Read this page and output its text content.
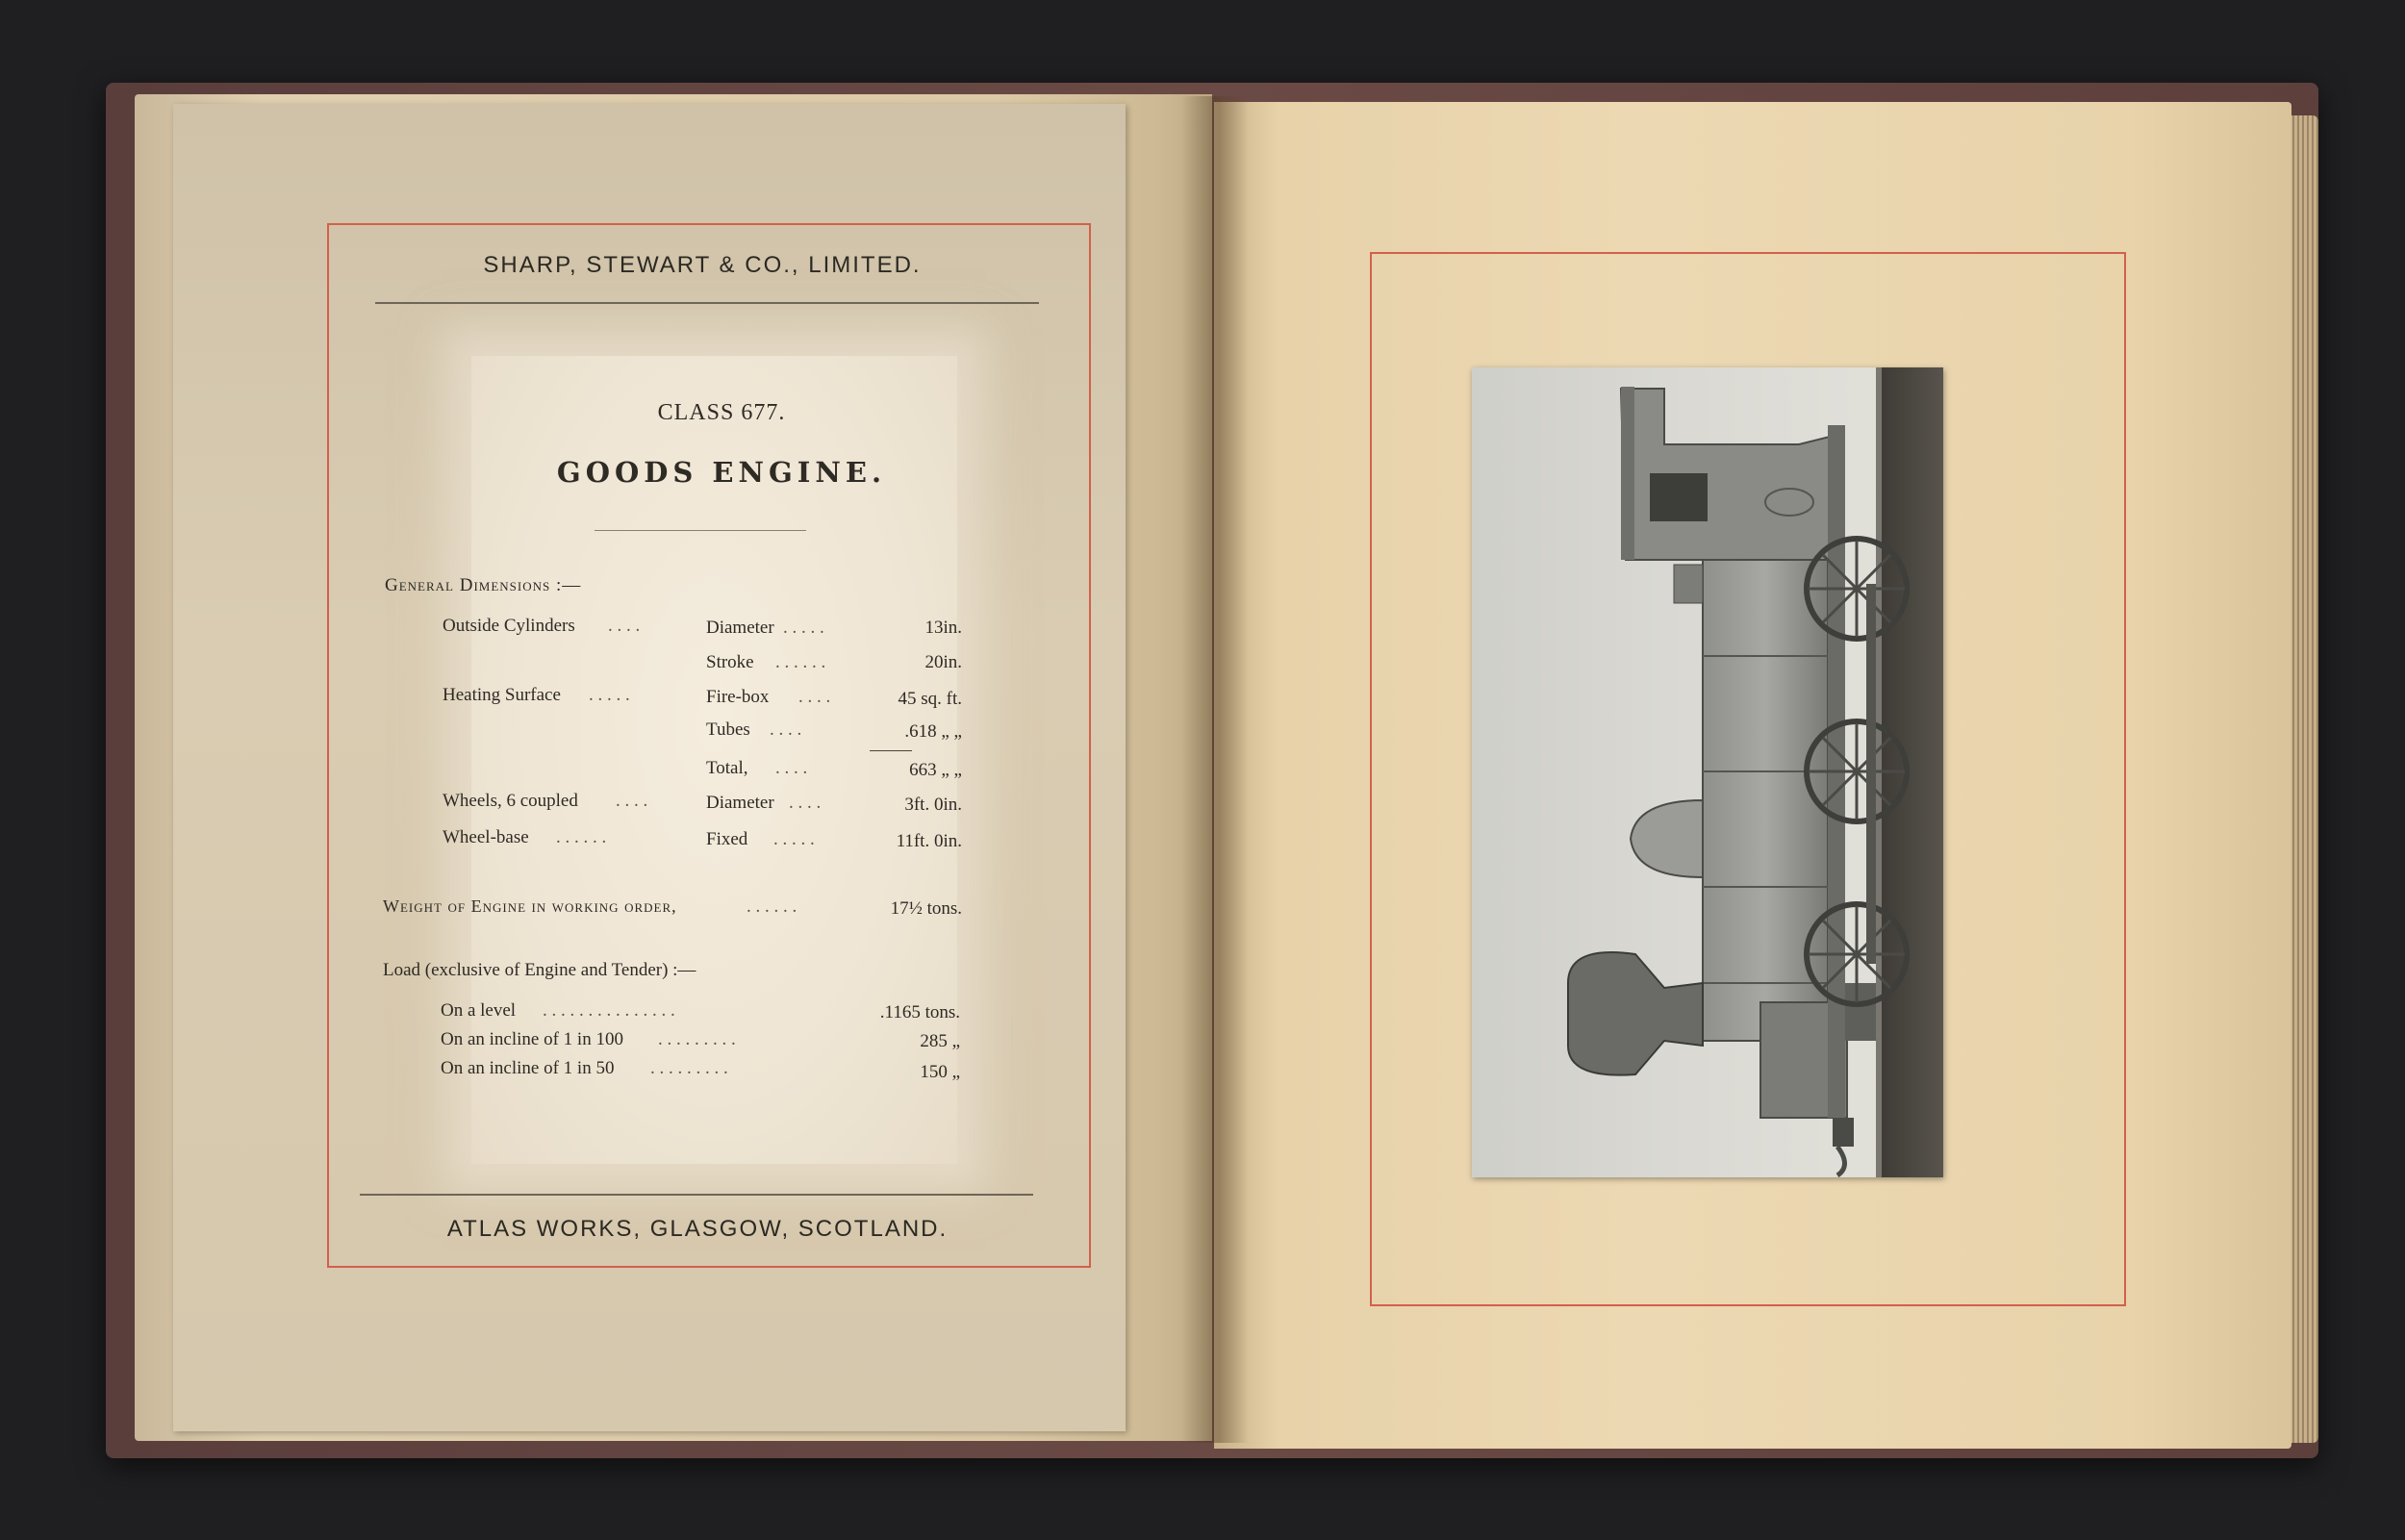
SHARP, STEWART & CO., LIMITED.
CLASS 677.
GOODS ENGINE.
General Dimensions :—
Outside Cylinders . . . .	Diameter . . . . .	13in.
Stroke . . . . . .	20in.
Heating Surface . . . . .	Fire-box . . . .	45 sq. ft.
Tubes . . . .	.618 „ „
Total, . . . .	663 „ „
Wheels, 6 coupled . . . .	Diameter . . . .	3ft. 0in.
Wheel-base . . . . . .	Fixed . . . . .	11ft. 0in.
Weight of Engine in working order,	. . . . . .	17½ tons.
Load (exclusive of Engine and Tender) :—
On a level . . . . . . . . . . . . . . .	.1165 tons.
On an incline of 1 in 100 . . . . . . . . .	285 „
On an incline of 1 in 50 . . . . . . . . .	150 „
ATLAS WORKS, GLASGOW, SCOTLAND.
